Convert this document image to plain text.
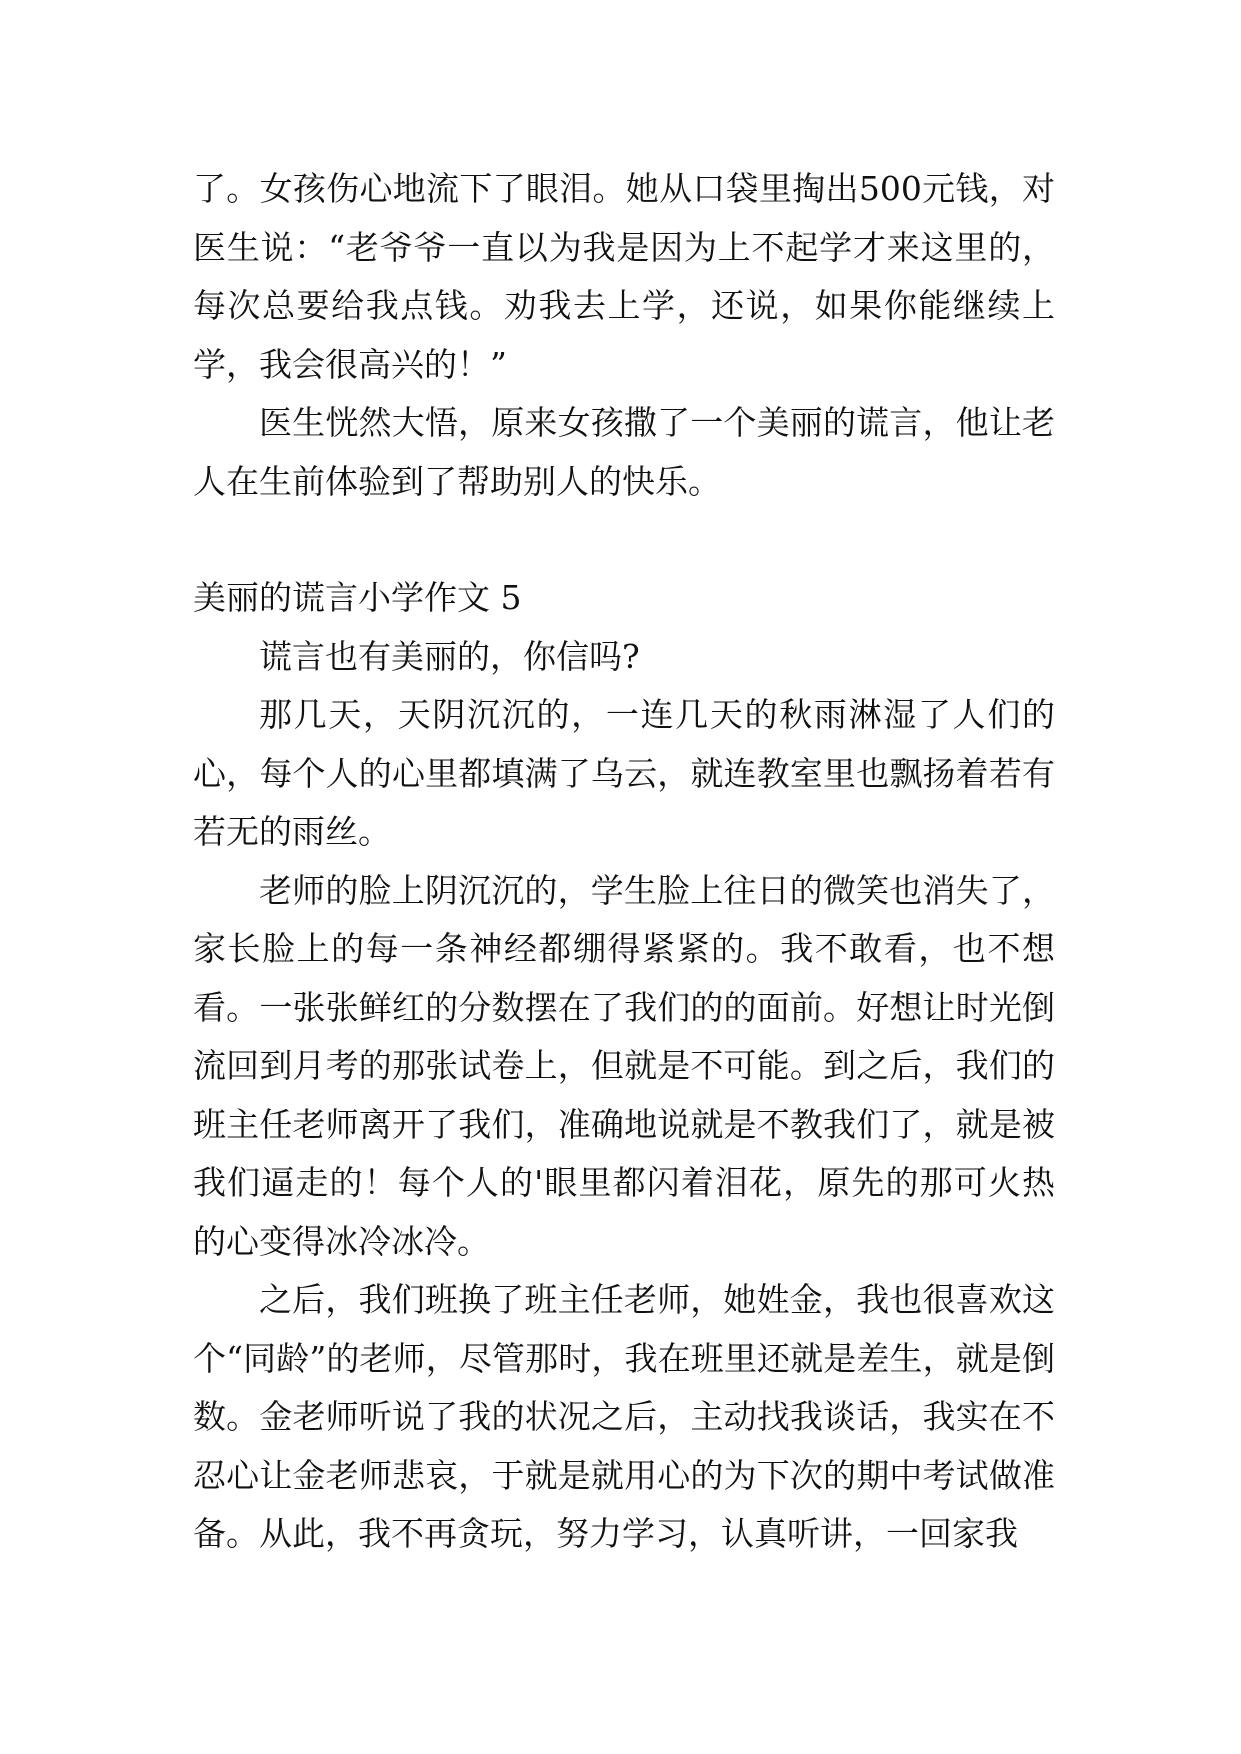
了。女孩伤心地流下了眼泪。她从口袋里掏出500元钱，对医生说：“老爷爷一直以为我是因为上不起学才来这里的，每次总要给我点钱。劝我去上学，还说，如果你能继续上学，我会很高兴的！”

医生恍然大悟，原来女孩撒了一个美丽的谎言，他让老人在生前体验到了帮助别人的快乐。

美丽的谎言小学作文 5

谎言也有美丽的，你信吗?

那几天，天阴沉沉的，一连几天的秋雨淋湿了人们的心，每个人的心里都填满了乌云，就连教室里也飘扬着若有若无的雨丝。

老师的脸上阴沉沉的，学生脸上往日的微笑也消失了，家长脸上的每一条神经都绷得紧紧的。我不敢看，也不想看。一张张鲜红的分数摆在了我们的的面前。好想让时光倒流回到月考的那张试卷上，但就是不可能。到之后，我们的班主任老师离开了我们，准确地说就是不教我们了，就是被我们逼走的！每个人的'眼里都闪着泪花，原先的那可火热的心变得冰冷冰冷。

之后，我们班换了班主任老师，她姓金，我也很喜欢这个“同龄”的老师，尽管那时，我在班里还就是差生，就是倒数。金老师听说了我的状况之后，主动找我谈话，我实在不忍心让金老师悲哀，于就是就用心的为下次的期中考试做准备。从此，我不再贪玩，努力学习，认真听讲，一回家我
